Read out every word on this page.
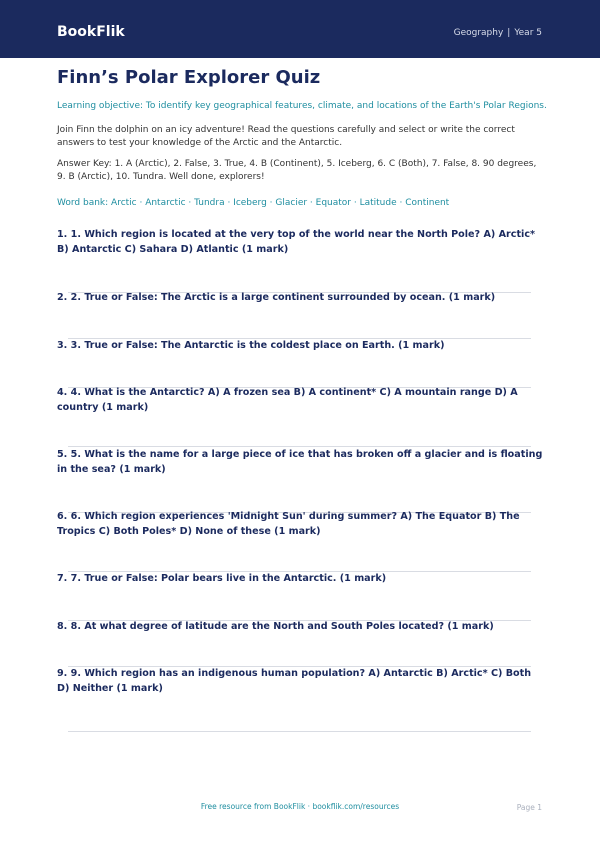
BookFlik	Geography | Year 5
Finn’s Polar Explorer Quiz
Learning objective: To identify key geographical features, climate, and locations of the Earth's Polar Regions.
Join Finn the dolphin on an icy adventure! Read the questions carefully and select or write the correct answers to test your knowledge of the Arctic and the Antarctic.
Answer Key: 1. A (Arctic), 2. False, 3. True, 4. B (Continent), 5. Iceberg, 6. C (Both), 7. False, 8. 90 degrees, 9. B (Arctic), 10. Tundra. Well done, explorers!
Word bank: Arctic · Antarctic · Tundra · Iceberg · Glacier · Equator · Latitude · Continent
1. 1. Which region is located at the very top of the world near the North Pole? A) Arctic* B) Antarctic C) Sahara D) Atlantic (1 mark)
2. 2. True or False: The Arctic is a large continent surrounded by ocean. (1 mark)
3. 3. True or False: The Antarctic is the coldest place on Earth. (1 mark)
4. 4. What is the Antarctic? A) A frozen sea B) A continent* C) A mountain range D) A country (1 mark)
5. 5. What is the name for a large piece of ice that has broken off a glacier and is floating in the sea? (1 mark)
6. 6. Which region experiences 'Midnight Sun' during summer? A) The Equator B) The Tropics C) Both Poles* D) None of these (1 mark)
7. 7. True or False: Polar bears live in the Antarctic. (1 mark)
8. 8. At what degree of latitude are the North and South Poles located? (1 mark)
9. 9. Which region has an indigenous human population? A) Antarctic B) Arctic* C) Both D) Neither (1 mark)
Free resource from BookFlik · bookflik.com/resources	Page 1
